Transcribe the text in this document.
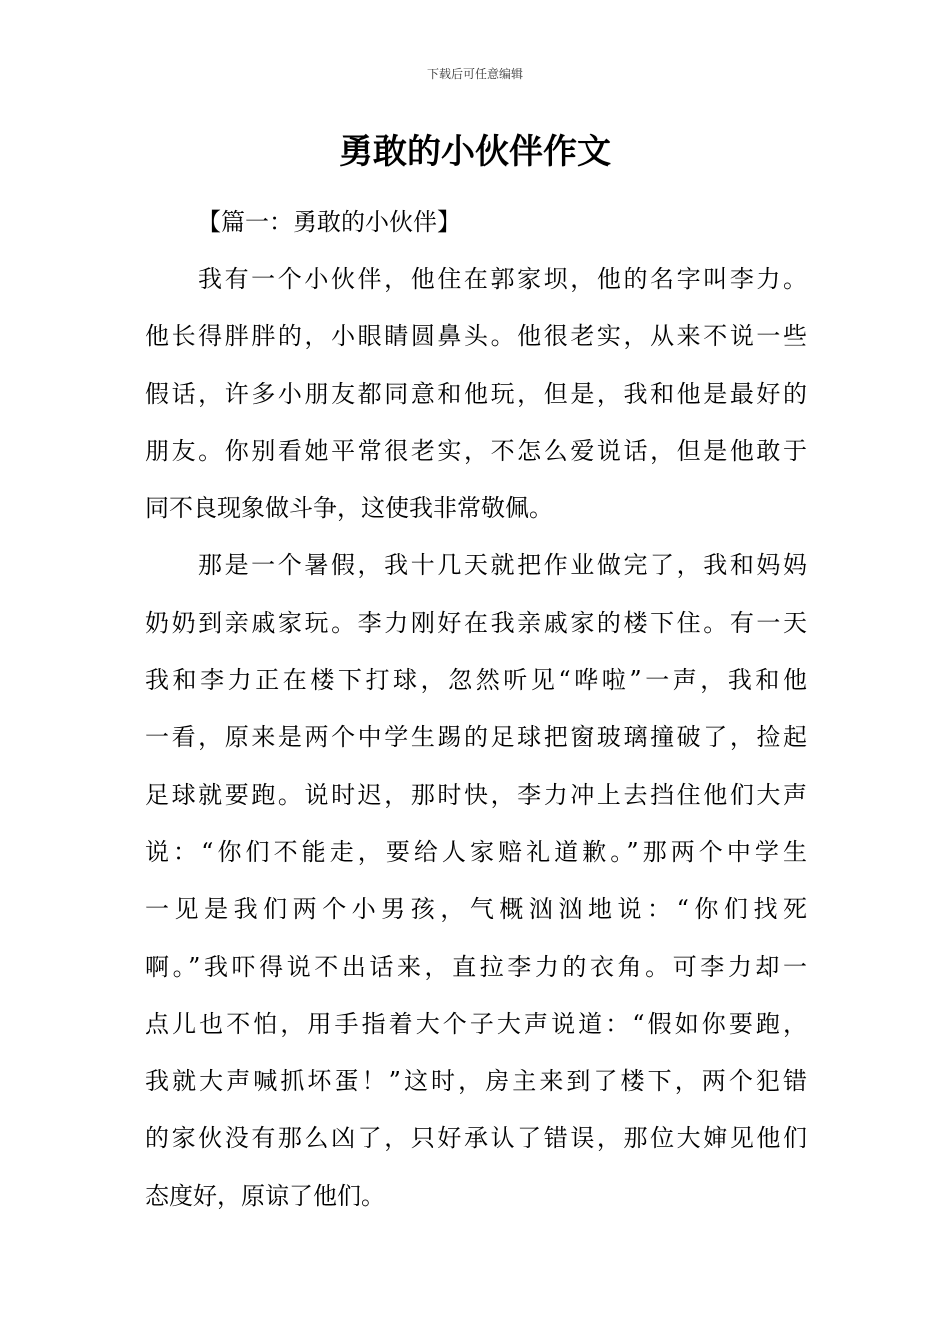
下载后可任意编辑
勇敢的小伙伴作文

【篇一：勇敢的小伙伴】

我有一个小伙伴，他住在郭家坝，他的名字叫李力。
他长得胖胖的，小眼睛圆鼻头。他很老实，从来不说一些
假话，许多小朋友都同意和他玩，但是，我和他是最好的
朋友。你别看她平常很老实，不怎么爱说话，但是他敢于
同不良现象做斗争，这使我非常敬佩。
那是一个暑假，我十几天就把作业做完了，我和妈妈
奶奶到亲戚家玩。李力刚好在我亲戚家的楼下住。有一天
我和李力正在楼下打球，忽然听见“哗啦”一声，我和他
一看，原来是两个中学生踢的足球把窗玻璃撞破了，捡起
足球就要跑。说时迟，那时快，李力冲上去挡住他们大声
说：“你们不能走，要给人家赔礼道歉。”那两个中学生
一见是我们两个小男孩，气概汹汹地说：“你们找死
啊。”我吓得说不出话来，直拉李力的衣角。可李力却一
点儿也不怕，用手指着大个子大声说道：“假如你要跑，
我就大声喊抓坏蛋！”这时，房主来到了楼下，两个犯错
的家伙没有那么凶了，只好承认了错误，那位大婶见他们
态度好，原谅了他们。
